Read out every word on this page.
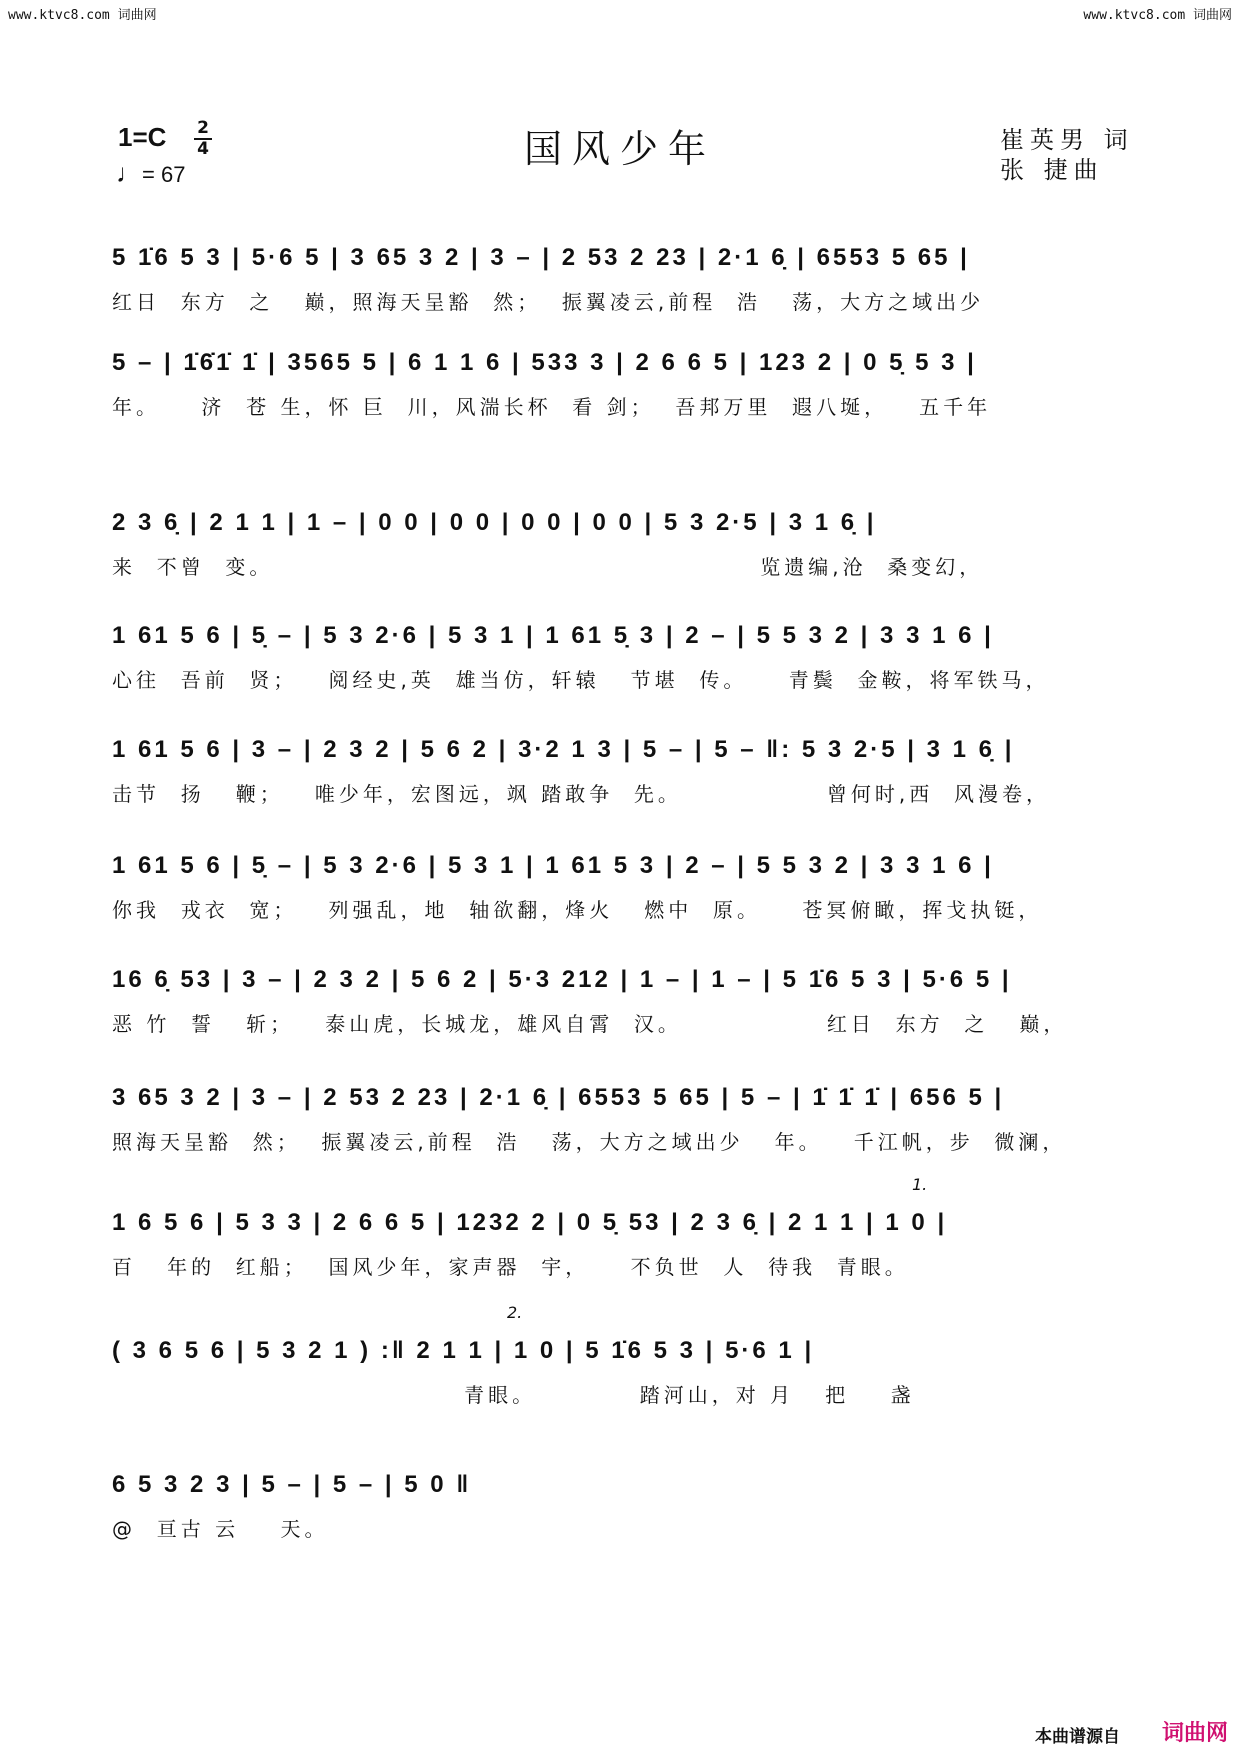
www.ktvc8.com 词曲网	www.ktvc8.com 词曲网
1=C 2
4
♩= 67
国风少年	崔英男 词
张 捷曲
5 1̇6 5 3 | 5·6 5 | 3 65 3 2 | 3 – | 2 53 2 23 | 2·1 6̣ | 6553 5 65 |
红日  东方  之   巅，照海天呈豁  然；  振翼凌云,前程  浩   荡，大方之域出少
5 – | 1̇6̇1̇ 1̇ | 3565 5 | 6 1 1 6 | 533 3 | 2 6 6 5 | 123 2 | 0 5̣ 5 3 |
年。    济  苍 生，怀 巨  川，风湍长杯  看 剑；  吾邦万里  遐八埏，   五千年
2 3 6̣ | 2 1 1 | 1 – | 0 0 | 0 0 | 0 0 | 0 0 | 5 3 2·5 | 3 1 6̣ |
来  不曾  变。                                               览遗编,沧  桑变幻，
1 61 5 6 | 5̣ – | 5 3 2·6 | 5 3 1 | 1 61 5̣ 3 | 2 – | 5 5 3 2 | 3 3 1 6 |
心往  吾前  贤；   阅经史,英  雄当仿，轩辕   节堪  传。    青鬓  金鞍，将军铁马，
1 61 5 6 | 3 – | 2 3 2 | 5 6 2 | 3·2 1 3 | 5 – | 5 – ‖: 5 3 2·5 | 3 1 6̣ |
击节  扬   鞭；   唯少年，宏图远，飒 踏敢争  先。              曾何时,西  风漫卷，
1 61 5 6 | 5̣ – | 5 3 2·6 | 5 3 1 | 1 61 5 3 | 2 – | 5 5 3 2 | 3 3 1 6 |
你我  戎衣  宽；   列强乱，地  轴欲翻，烽火   燃中  原。    苍冥俯瞰，挥戈执铤，
16 6̣ 53 | 3 – | 2 3 2 | 5 6 2 | 5·3 212 | 1 – | 1 – | 5 1̇6 5 3 | 5·6 5 |
恶 竹  誓   斩；   泰山虎，长城龙，雄风自霄  汉。              红日  东方  之   巅，
3 65 3 2 | 3 – | 2 53 2 23 | 2·1 6̣ | 6553 5 65 | 5 – | 1̇ 1̇ 1̇ | 656 5 |
照海天呈豁  然；  振翼凌云,前程  浩   荡，大方之域出少   年。   千江帆，步  微澜，
1 6 5 6 | 5 3 3 | 2 6 6 5 | 1232 2 | 0 5̣ 53 | 2 3 6̣ | 2 1 1 | 1 0 |
百   年的  红船；  国风少年，家声器  宇，    不负世  人  待我  青眼。
1.
( 3 6 5 6 | 5 3 2 1 ) :‖ 2 1 1 | 1 0 | 5 1̇6 5 3 | 5·6 1 |
青眼。          踏河山，对 月   把    盏
2.
6 5 3 2 3 | 5 – | 5 – | 5 0 ‖
@  亘古 云    天。
本曲谱源自 词曲网
